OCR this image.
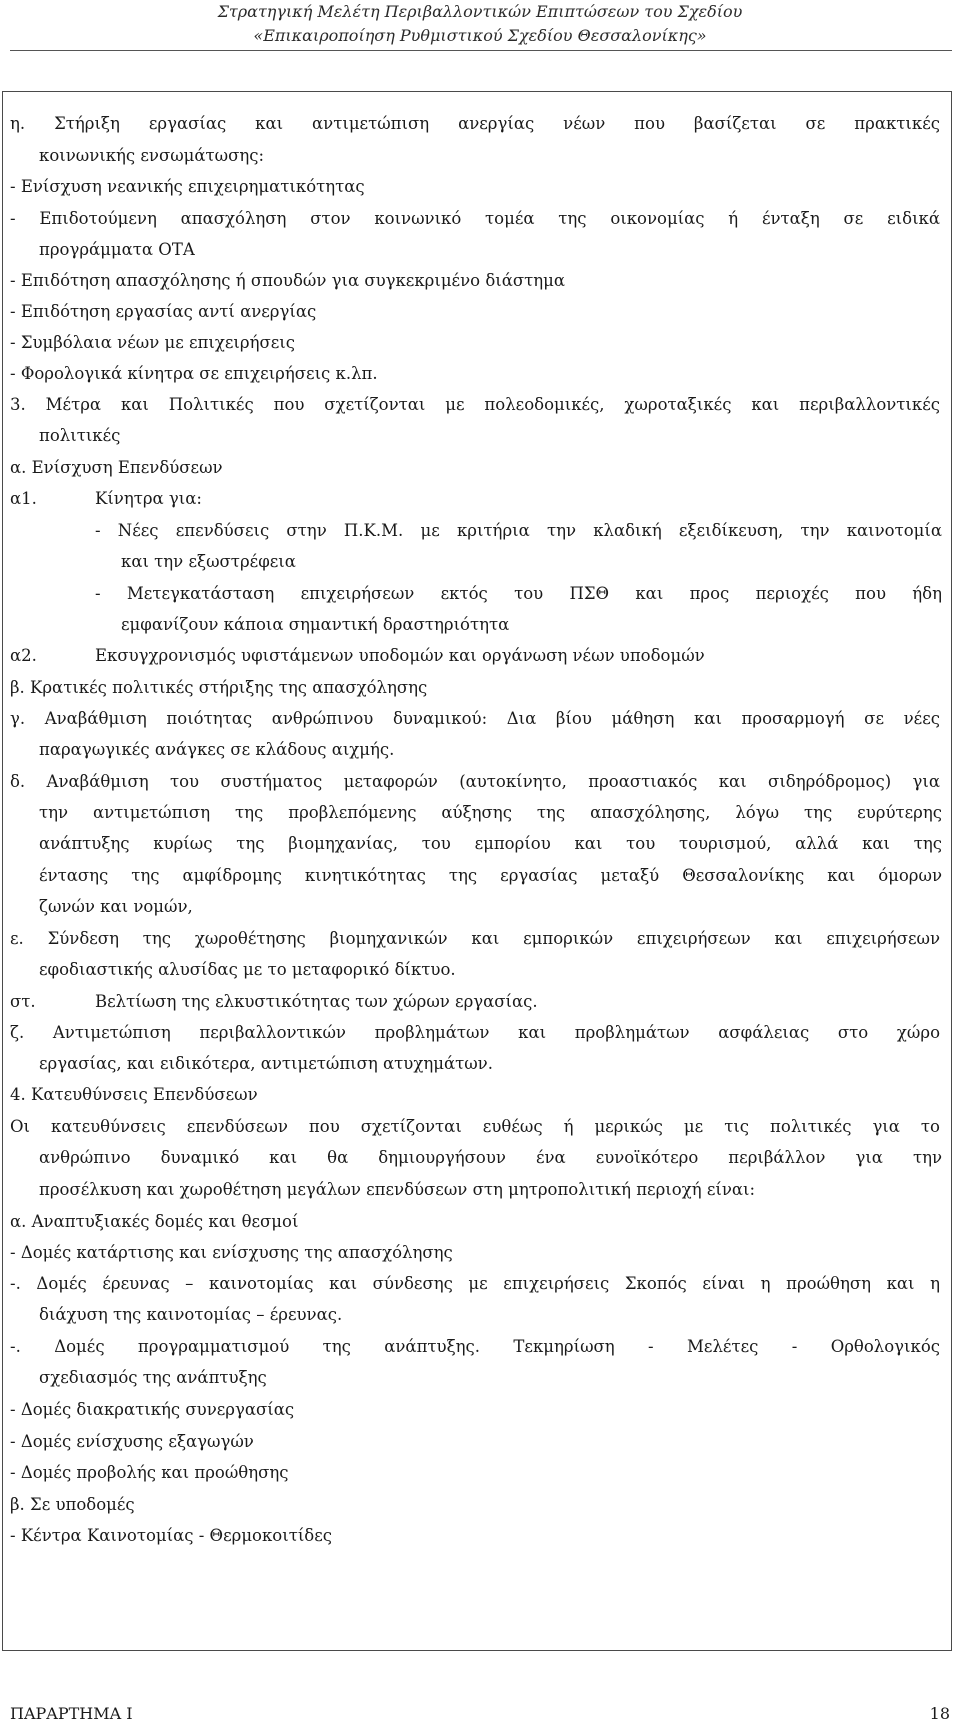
Στρατηγική Μελέτη Περιβαλλοντικών Επιπτώσεων του Σχεδίου
«Επικαιροποίηση Ρυθμιστικού Σχεδίου Θεσσαλονίκης»
η. Στήριξη εργασίας και αντιμετώπιση ανεργίας νέων που βασίζεται σε πρακτικές
κοινωνικής ενσωμάτωσης:
- Ενίσχυση νεανικής επιχειρηματικότητας
- Επιδοτούμενη απασχόληση στον κοινωνικό τομέα της οικονομίας ή ένταξη σε ειδικά
προγράμματα ΟΤΑ
- Επιδότηση απασχόλησης ή σπουδών για συγκεκριμένο διάστημα
- Επιδότηση εργασίας αντί ανεργίας
- Συμβόλαια νέων με επιχειρήσεις
- Φορολογικά κίνητρα σε επιχειρήσεις κ.λπ.
3. Μέτρα και Πολιτικές που σχετίζονται με πολεοδομικές, χωροταξικές και περιβαλλοντικές
πολιτικές
α. Ενίσχυση Επενδύσεων
α1.	Κίνητρα για:
- Νέες επενδύσεις στην Π.Κ.Μ. με κριτήρια την κλαδική εξειδίκευση, την καινοτομία
και την εξωστρέφεια
- Μετεγκατάσταση επιχειρήσεων εκτός του ΠΣΘ και προς περιοχές που ήδη
εμφανίζουν κάποια σημαντική δραστηριότητα
α2.	Εκσυγχρονισμός υφιστάμενων υποδομών και οργάνωση νέων υποδομών
β. Κρατικές πολιτικές στήριξης της απασχόλησης
γ. Αναβάθμιση ποιότητας ανθρώπινου δυναμικού: Δια βίου μάθηση και προσαρμογή σε νέες
παραγωγικές ανάγκες σε κλάδους αιχμής.
δ. Αναβάθμιση του συστήματος μεταφορών (αυτοκίνητο, προαστιακός και σιδηρόδρομος) για
την αντιμετώπιση της προβλεπόμενης αύξησης της απασχόλησης, λόγω της ευρύτερης
ανάπτυξης κυρίως της βιομηχανίας, του εμπορίου και του τουρισμού, αλλά και της
έντασης της αμφίδρομης κινητικότητας της εργασίας μεταξύ Θεσσαλονίκης και όμορων
ζωνών και νομών,
ε. Σύνδεση της χωροθέτησης βιομηχανικών και εμπορικών επιχειρήσεων και επιχειρήσεων
εφοδιαστικής αλυσίδας με το μεταφορικό δίκτυο.
στ.	Βελτίωση της ελκυστικότητας των χώρων εργασίας.
ζ. Αντιμετώπιση περιβαλλοντικών προβλημάτων και προβλημάτων ασφάλειας στο χώρο
εργασίας, και ειδικότερα, αντιμετώπιση ατυχημάτων.
4. Κατευθύνσεις Επενδύσεων
Οι κατευθύνσεις επενδύσεων που σχετίζονται ευθέως ή μερικώς με τις πολιτικές για το
ανθρώπινο δυναμικό και θα δημιουργήσουν ένα ευνοϊκότερο περιβάλλον για την
προσέλκυση και χωροθέτηση μεγάλων επενδύσεων στη μητροπολιτική περιοχή είναι:
α. Αναπτυξιακές δομές και θεσμοί
- Δομές κατάρτισης και ενίσχυσης της απασχόλησης
-. Δομές έρευνας – καινοτομίας και σύνδεσης με επιχειρήσεις Σκοπός είναι η προώθηση και η
διάχυση της καινοτομίας – έρευνας.
-. Δομές προγραμματισμού της ανάπτυξης. Τεκμηρίωση - Μελέτες - Ορθολογικός
σχεδιασμός της ανάπτυξης
- Δομές διακρατικής συνεργασίας
- Δομές ενίσχυσης εξαγωγών
- Δομές προβολής και προώθησης
β. Σε υποδομές
- Κέντρα Καινοτομίας - Θερμοκοιτίδες
ΠΑΡΑΡΤΗΜΑ Ι	18
